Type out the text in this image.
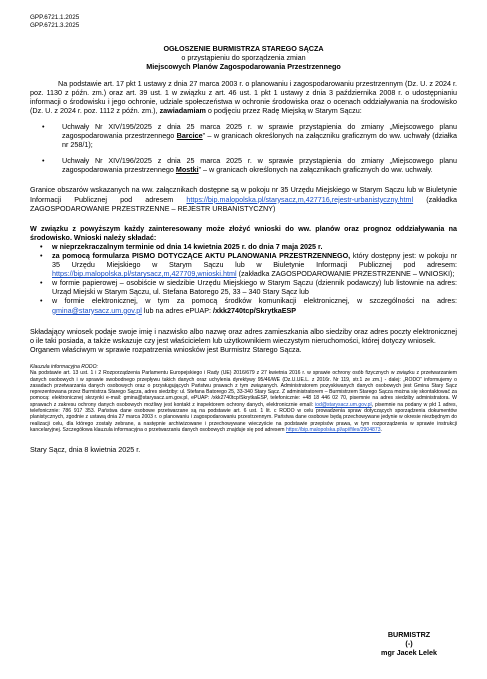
GPP.6721.1.2025
GPP.6721.3.2025
OGŁOSZENIE BURMISTRZA STAREGO SĄCZA
o przystąpieniu do sporządzenia zmian
Miejscowych Planów Zagospodarowania Przestrzennego

Na podstawie art. 17 pkt 1 ustawy z dnia 27 marca 2003 r. o planowaniu i zagospodarowaniu przestrzennym (Dz. U. z 2024 r. poz. 1130 z późn. zm.) oraz art. 39 ust. 1 w związku z art. 46 ust. 1 pkt 1 ustawy z dnia 3 października 2008 r. o udostępnianiu informacji o środowisku i jego ochronie, udziale społeczeństwa w ochronie środowiska oraz o ocenach oddziaływania na środowisko (Dz. U. z 2024 r. poz. 1112 z późn. zm.), zawiadamiam o podjęciu przez Radę Miejską w Starym Sączu:

• Uchwały Nr XIV/195/2025 z dnia 25 marca 2025 r. w sprawie przystąpienia do zmiany „Miejscowego planu zagospodarowania przestrzennego Barcice” – w granicach określonych na załączniku graficznym do ww. uchwały (działka nr 258/1);
• Uchwały Nr XIV/196/2025 z dnia 25 marca 2025 r. w sprawie przystąpienia do zmiany „Miejscowego planu zagospodarowania przestrzennego Mostki” – w granicach określonych na załącznikach graficznych do ww. uchwały.

Granice obszarów wskazanych na ww. załącznikach dostępne są w pokoju nr 35 Urzędu Miejskiego w Starym Sączu lub w Biuletynie Informacji Publicznej pod adresem https://bip.malopolska.pl/starysacz,m,427716,rejestr-urbanistyczny.html (zakładka ZAGOSPODAROWANIE PRZESTRZENNE – REJESTR URBANISTYCZNY)

W związku z powyższym każdy zainteresowany może złożyć wnioski do ww. planów oraz prognoz oddziaływania na środowisko. Wnioski należy składać:

• w nieprzekraczalnym terminie od dnia 14 kwietnia 2025 r. do dnia 7 maja 2025 r.
• za pomocą formularza PISMO DOTYCZĄCE AKTU PLANOWANIA PRZESTRZENNEGO, który dostępny jest: w pokoju nr 35 Urzędu Miejskiego w Starym Sączu lub w Biuletynie Informacji Publicznej pod adresem: https://bip.malopolska.pl/starysacz,m,427709,wnioski.html (zakładka ZAGOSPODAROWANIE PRZESTRZENNE – WNIOSKI);
• w formie papierowej – osobiście w siedzibie Urzędu Miejskiego w Starym Sączu (dziennik podawczy) lub listownie na adres: Urząd Miejski w Starym Sączu, ul. Stefana Batorego 25, 33 – 340 Stary Sącz lub
• w formie elektronicznej, w tym za pomocą środków komunikacji elektronicznej, w szczególności na adres: gmina@starysacz.um.gov.pl lub na adres ePUAP: /xkk2740tcp/SkrytkaESP

Składający wniosek podaje swoje imię i nazwisko albo nazwę oraz adres zamieszkania albo siedziby oraz adres poczty elektronicznej o ile taki posiada, a także wskazuje czy jest właścicielem lub użytkownikiem wieczystym nieruchomości, której dotyczy wniosek.

Organem właściwym w sprawie rozpatrzenia wniosków jest Burmistrz Starego Sącza.

Klauzula informacyjna RODO:

Na podstawie art. 13 ust. 1 i 2 Rozporządzenia Parlamentu Europejskiego i Rady (UE) 2016/679 z 27 kwietnia 2016 r. w sprawie ochrony osób fizycznych w związku z przetwarzaniem danych osobowych i w sprawie swobodnego przepływu takich danych oraz uchylenia dyrektywy 95/46/WE (Dz.U.UE.L. z 2016r. Nr 119, str.1 ze zm.) - dalej: „RODO” informujemy o zasadach przetwarzania danych osobowych oraz o przysługujących Państwu prawach z tym związanych. Administratorem pozyskiwanych danych osobowych jest Gmina Stary Sącz reprezentowana przez Burmistrza Starego Sącza, adres siedziby: ul. Stefana Batorego 25, 33-340 Stary Sącz. Z administratorem – Burmistrzem Starego Sącza można się skontaktować za pomocą: elektronicznej skrzynki e-mail: gmina@starysacz.um.gov.pl, ePUAP: /xkk2740tcp/SkrytkaESP, telefonicznie: +48 18 446 02 70, pisemnie na adres siedziby administratora. W sprawach z zakresu ochrony danych osobowych możliwy jest kontakt z inspektorem ochrony danych, elektronicznie email: iod@starysacz.um.gov.pl, pisemnie na podany w pkt 1 adres, telefonicznie: 786 917 353. Państwa dane osobowe przetwarzane są na podstawie art. 6 ust. 1 lit. c RODO w celu prowadzenia spraw dotyczących sporządzenia dokumentów planistycznych, zgodnie z ustawą dnia 27 marca 2003 r. o planowaniu i zagospodarowaniu przestrzennym. Państwa dane osobowe będą przechowywane jedynie w okresie niezbędnym do realizacji celu, dla którego zostały zebrane, a następnie archiwizowane i przechowywane wieczyście na podstawie przepisów prawa, w tym rozporządzenia w sprawie instrukcji kancelaryjnej. Szczegółowa klauzula informacyjna o przetwarzaniu danych osobowych znajduje się pod adresem https://bip.malopolska.pl/api/files/2904873.

Stary Sącz, dnia 8 kwietnia 2025 r.

BURMISTRZ
(-)
mgr Jacek Lelek
